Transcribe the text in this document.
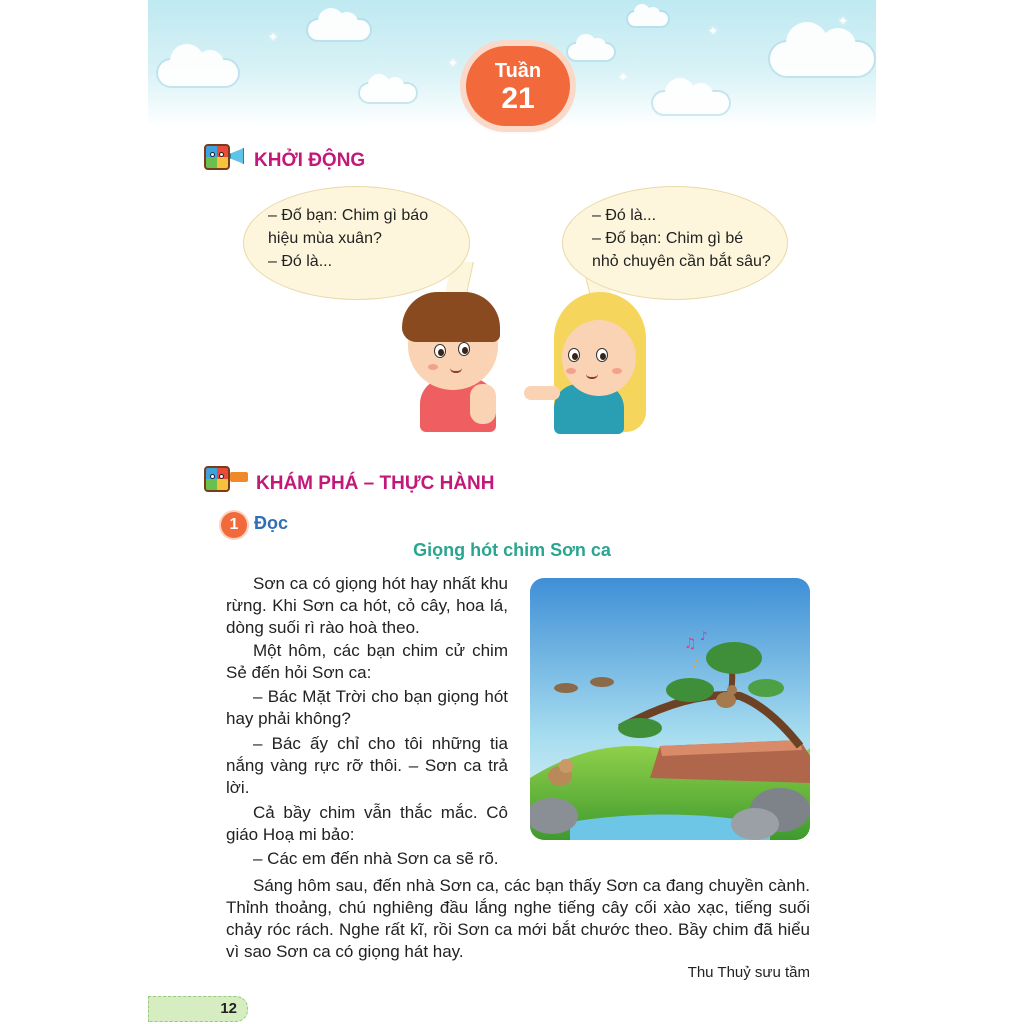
✦
✦
✦
✦
✦
Tuần
21
KHỞI ĐỘNG
– Đố bạn: Chim gì báo
hiệu mùa xuân?
– Đó là...
– Đó là...
– Đố bạn: Chim gì bé
nhỏ chuyên cần bắt sâu?
KHÁM PHÁ – THỰC HÀNH
1 Đọc
Giọng hót chim Sơn ca
Sơn ca có giọng hót hay nhất khu rừng. Khi Sơn ca hót, cỏ cây, hoa lá, dòng suối rì rào hoà theo.
Một hôm, các bạn chim cử chim Sẻ đến hỏi Sơn ca:
– Bác Mặt Trời cho bạn giọng hót hay phải không?
– Bác ấy chỉ cho tôi những tia nắng vàng rực rỡ thôi. – Sơn ca trả lời.
Cả bầy chim vẫn thắc mắc. Cô giáo Hoạ mi bảo:
– Các em đến nhà Sơn ca sẽ rõ.
Sáng hôm sau, đến nhà Sơn ca, các bạn thấy Sơn ca đang chuyền cành. Thỉnh thoảng, chú nghiêng đầu lắng nghe tiếng cây cối xào xạc, tiếng suối chảy róc rách. Nghe rất kĩ, rồi Sơn ca mới bắt chước theo. Bầy chim đã hiểu vì sao Sơn ca có giọng hát hay.
Thu Thuỷ sưu tầm
♫ ♪
♪
12
